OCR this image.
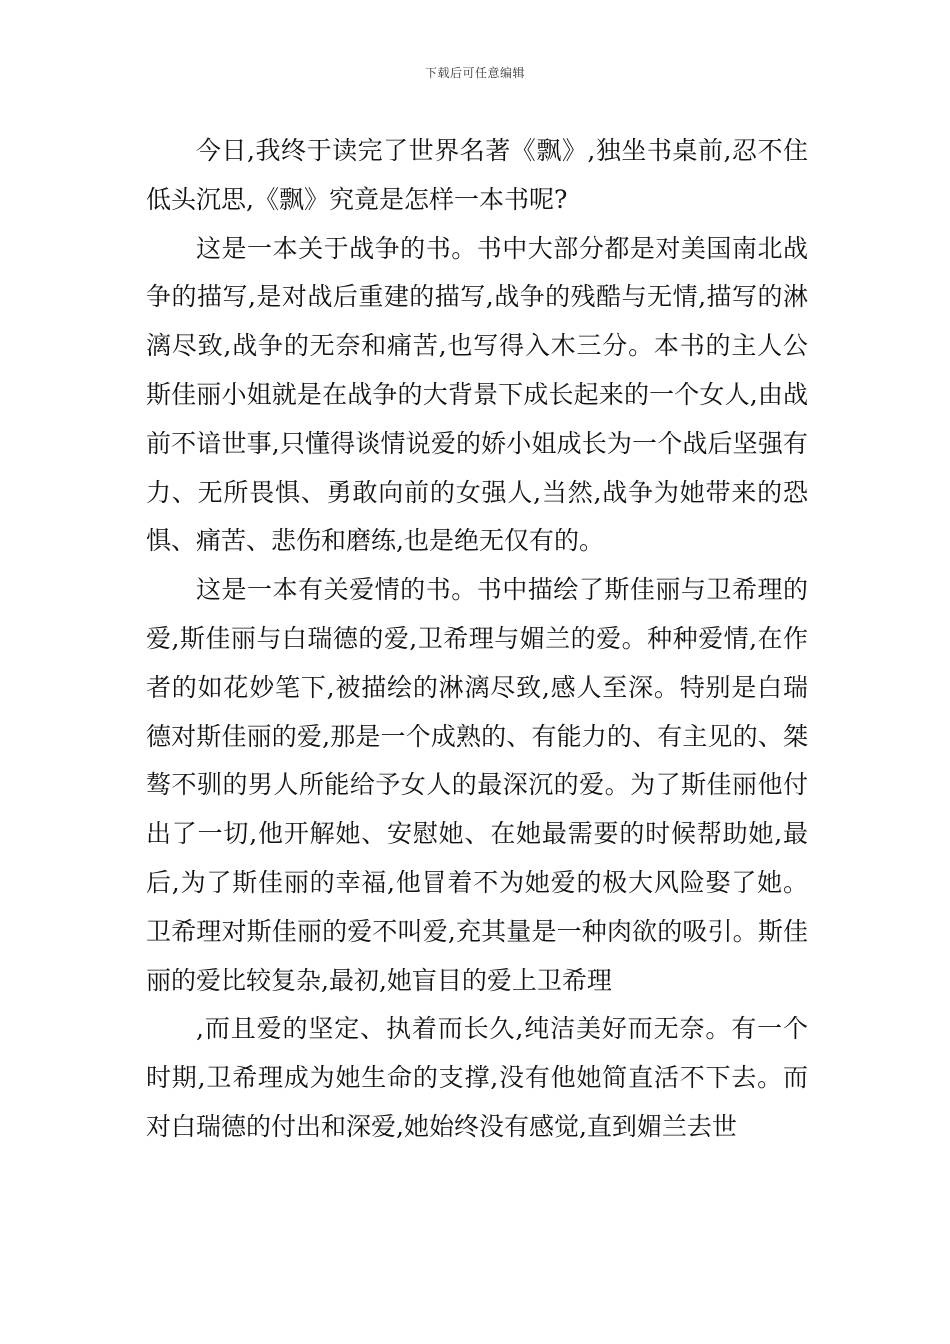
下载后可任意编辑

今日,我终于读完了世界名著《飘》,独坐书桌前,忍不住低头沉思,《飘》究竟是怎样一本书呢?

这是一本关于战争的书。书中大部分都是对美国南北战争的描写,是对战后重建的描写,战争的残酷与无情,描写的淋漓尽致,战争的无奈和痛苦,也写得入木三分。本书的主人公斯佳丽小姐就是在战争的大背景下成长起来的一个女人,由战前不谙世事,只懂得谈情说爱的娇小姐成长为一个战后坚强有力、无所畏惧、勇敢向前的女强人,当然,战争为她带来的恐惧、痛苦、悲伤和磨练,也是绝无仅有的。

这是一本有关爱情的书。书中描绘了斯佳丽与卫希理的爱,斯佳丽与白瑞德的爱,卫希理与媚兰的爱。种种爱情,在作者的如花妙笔下,被描绘的淋漓尽致,感人至深。特别是白瑞德对斯佳丽的爱,那是一个成熟的、有能力的、有主见的、桀骜不驯的男人所能给予女人的最深沉的爱。为了斯佳丽他付出了一切,他开解她、安慰她、在她最需要的时候帮助她,最后,为了斯佳丽的幸福,他冒着不为她爱的极大风险娶了她。卫希理对斯佳丽的爱不叫爱,充其量是一种肉欲的吸引。斯佳丽的爱比较复杂,最初,她盲目的爱上卫希理

,而且爱的坚定、执着而长久,纯洁美好而无奈。有一个时期,卫希理成为她生命的支撑,没有他她简直活不下去。而对白瑞德的付出和深爱,她始终没有感觉,直到媚兰去世
